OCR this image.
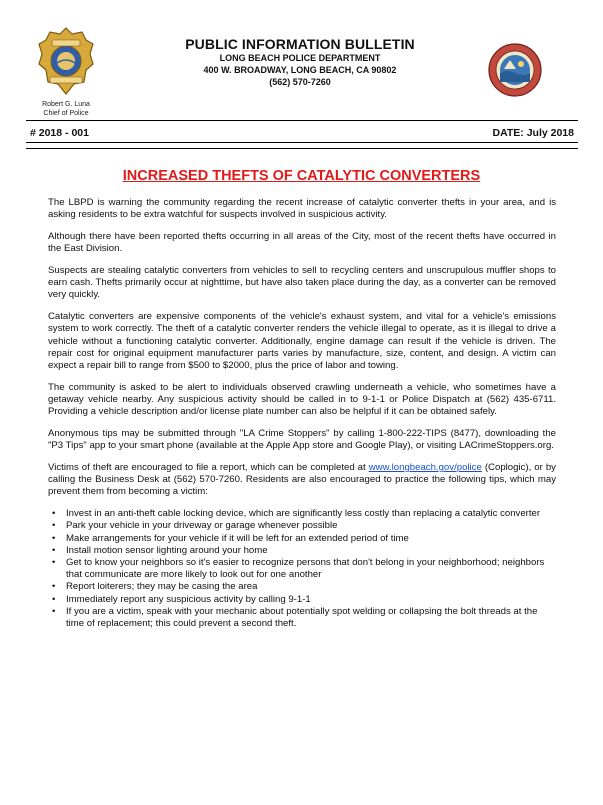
Robert G. Luna
Chief of Police
PUBLIC INFORMATION BULLETIN
LONG BEACH POLICE DEPARTMENT
400 W. BROADWAY, LONG BEACH, CA 90802
(562) 570-7260
# 2018 - 001	DATE: July 2018
INCREASED THEFTS OF CATALYTIC CONVERTERS

The LBPD is warning the community regarding the recent increase of catalytic converter thefts in your area, and is asking residents to be extra watchful for suspects involved in suspicious activity.

Although there have been reported thefts occurring in all areas of the City, most of the recent thefts have occurred in the East Division.

Suspects are stealing catalytic converters from vehicles to sell to recycling centers and unscrupulous muffler shops to earn cash. Thefts primarily occur at nighttime, but have also taken place during the day, as a converter can be removed very quickly.

Catalytic converters are expensive components of the vehicle's exhaust system, and vital for a vehicle's emissions system to work correctly. The theft of a catalytic converter renders the vehicle illegal to operate, as it is illegal to drive a vehicle without a functioning catalytic converter. Additionally, engine damage can result if the vehicle is driven. The repair cost for original equipment manufacturer parts varies by manufacture, size, content, and design. A victim can expect a repair bill to range from $500 to $2000, plus the price of labor and towing.

The community is asked to be alert to individuals observed crawling underneath a vehicle, who sometimes have a getaway vehicle nearby. Any suspicious activity should be called in to 9-1-1 or Police Dispatch at (562) 435-6711. Providing a vehicle description and/or license plate number can also be helpful if it can be obtained safely.

Anonymous tips may be submitted through "LA Crime Stoppers" by calling 1-800-222-TIPS (8477), downloading the "P3 Tips" app to your smart phone (available at the Apple App store and Google Play), or visiting LACrimeStoppers.org.

Victims of theft are encouraged to file a report, which can be completed at www.longbeach.gov/police (Coplogic), or by calling the Business Desk at (562) 570-7260. Residents are also encouraged to practice the following tips, which may prevent them from becoming a victim:

• Invest in an anti-theft cable locking device, which are significantly less costly than replacing a catalytic converter
• Park your vehicle in your driveway or garage whenever possible
• Make arrangements for your vehicle if it will be left for an extended period of time
• Install motion sensor lighting around your home
• Get to know your neighbors so it's easier to recognize persons that don't belong in your neighborhood; neighbors that communicate are more likely to look out for one another
• Report loiterers; they may be casing the area
• Immediately report any suspicious activity by calling 9-1-1
• If you are a victim, speak with your mechanic about potentially spot welding or collapsing the bolt threads at the time of replacement; this could prevent a second theft.
